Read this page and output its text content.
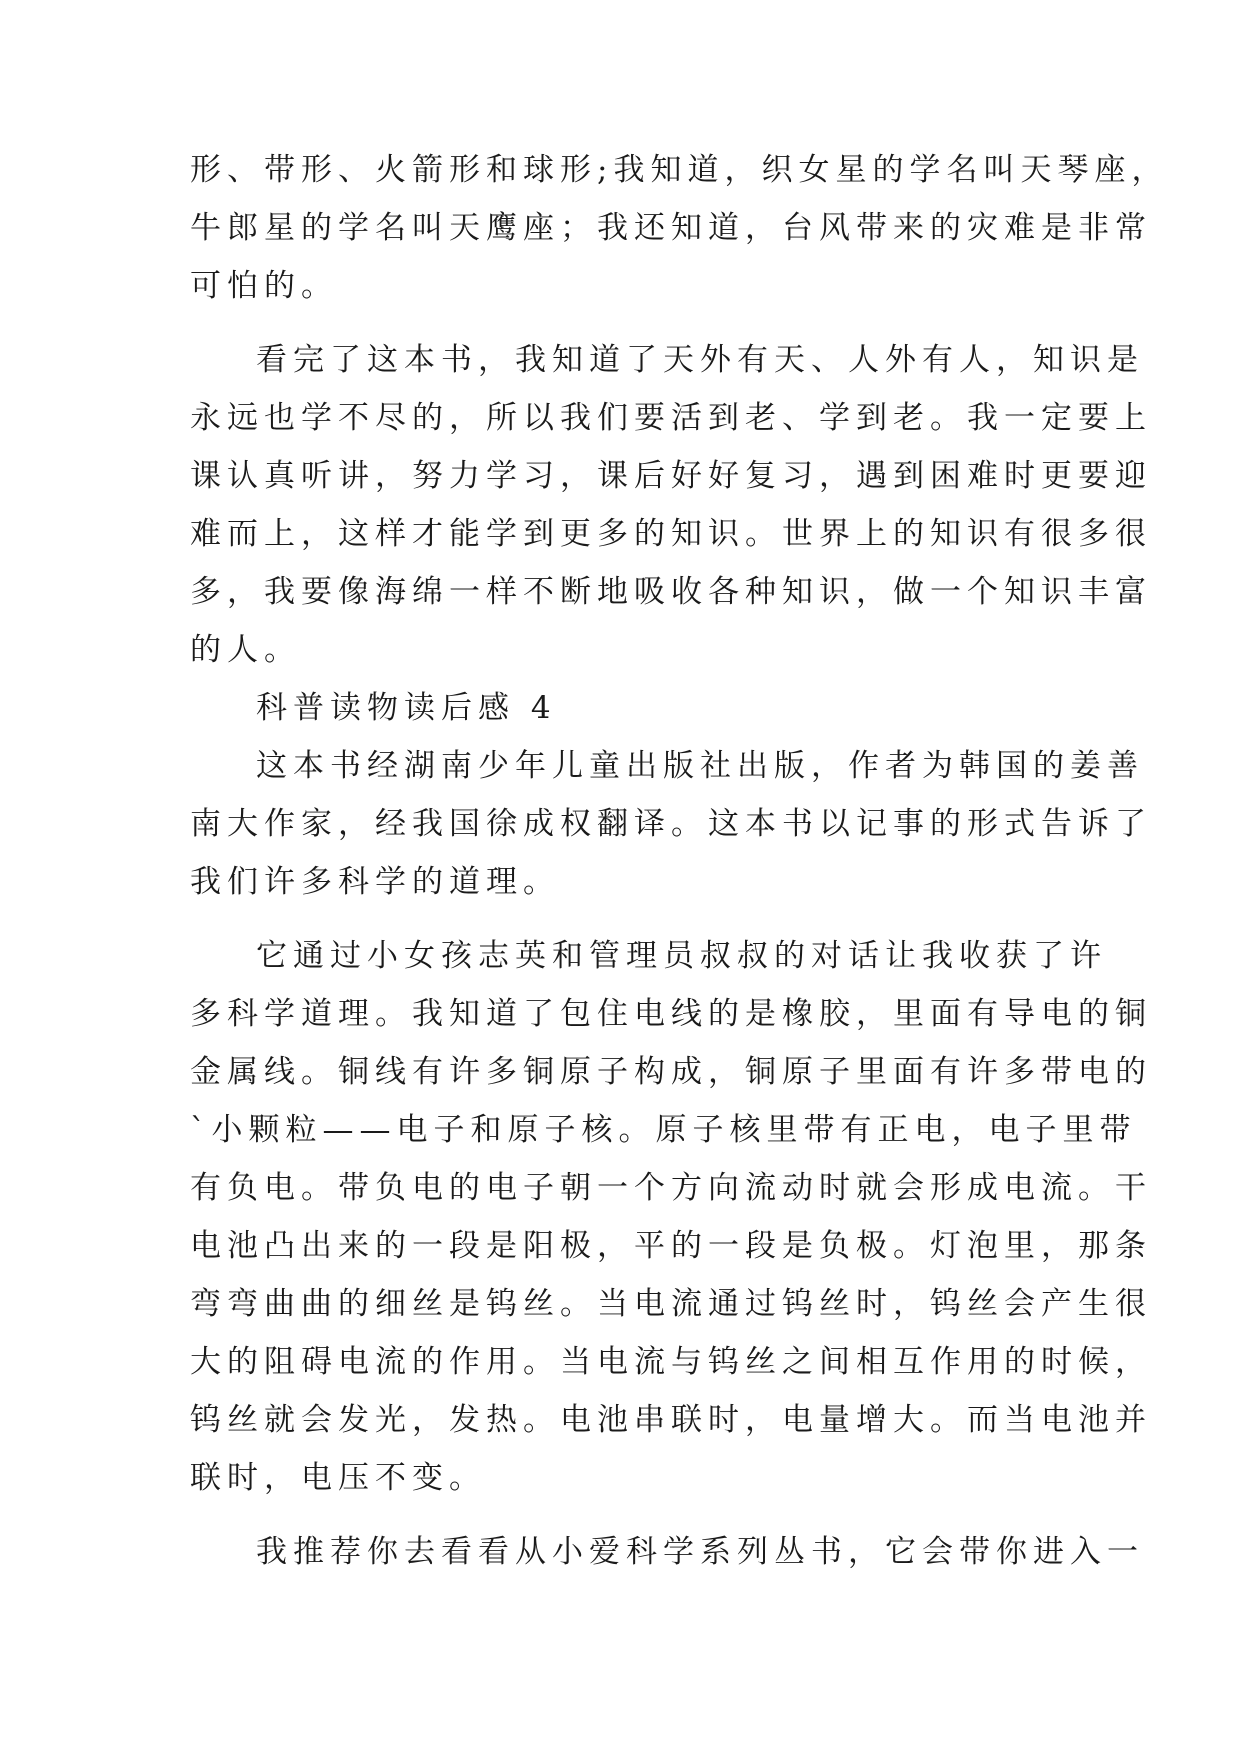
形、带形、火箭形和球形;我知道，织女星的学名叫天琴座，

牛郎星的学名叫天鹰座；我还知道，台风带来的灾难是非常

可怕的。

看完了这本书，我知道了天外有天、人外有人，知识是

永远也学不尽的，所以我们要活到老、学到老。我一定要上

课认真听讲，努力学习，课后好好复习，遇到困难时更要迎

难而上，这样才能学到更多的知识。世界上的知识有很多很

多，我要像海绵一样不断地吸收各种知识，做一个知识丰富

的人。

科普读物读后感 4

这本书经湖南少年儿童出版社出版，作者为韩国的姜善

南大作家，经我国徐成权翻译。这本书以记事的形式告诉了

我们许多科学的道理。

它通过小女孩志英和管理员叔叔的对话让我收获了许

多科学道理。我知道了包住电线的是橡胶，里面有导电的铜

金属线。铜线有许多铜原子构成，铜原子里面有许多带电的

`小颗粒——电子和原子核。原子核里带有正电，电子里带

有负电。带负电的电子朝一个方向流动时就会形成电流。干

电池凸出来的一段是阳极，平的一段是负极。灯泡里，那条

弯弯曲曲的细丝是钨丝。当电流通过钨丝时，钨丝会产生很

大的阻碍电流的作用。当电流与钨丝之间相互作用的时候，

钨丝就会发光，发热。电池串联时，电量增大。而当电池并

联时，电压不变。

我推荐你去看看从小爱科学系列丛书，它会带你进入一
